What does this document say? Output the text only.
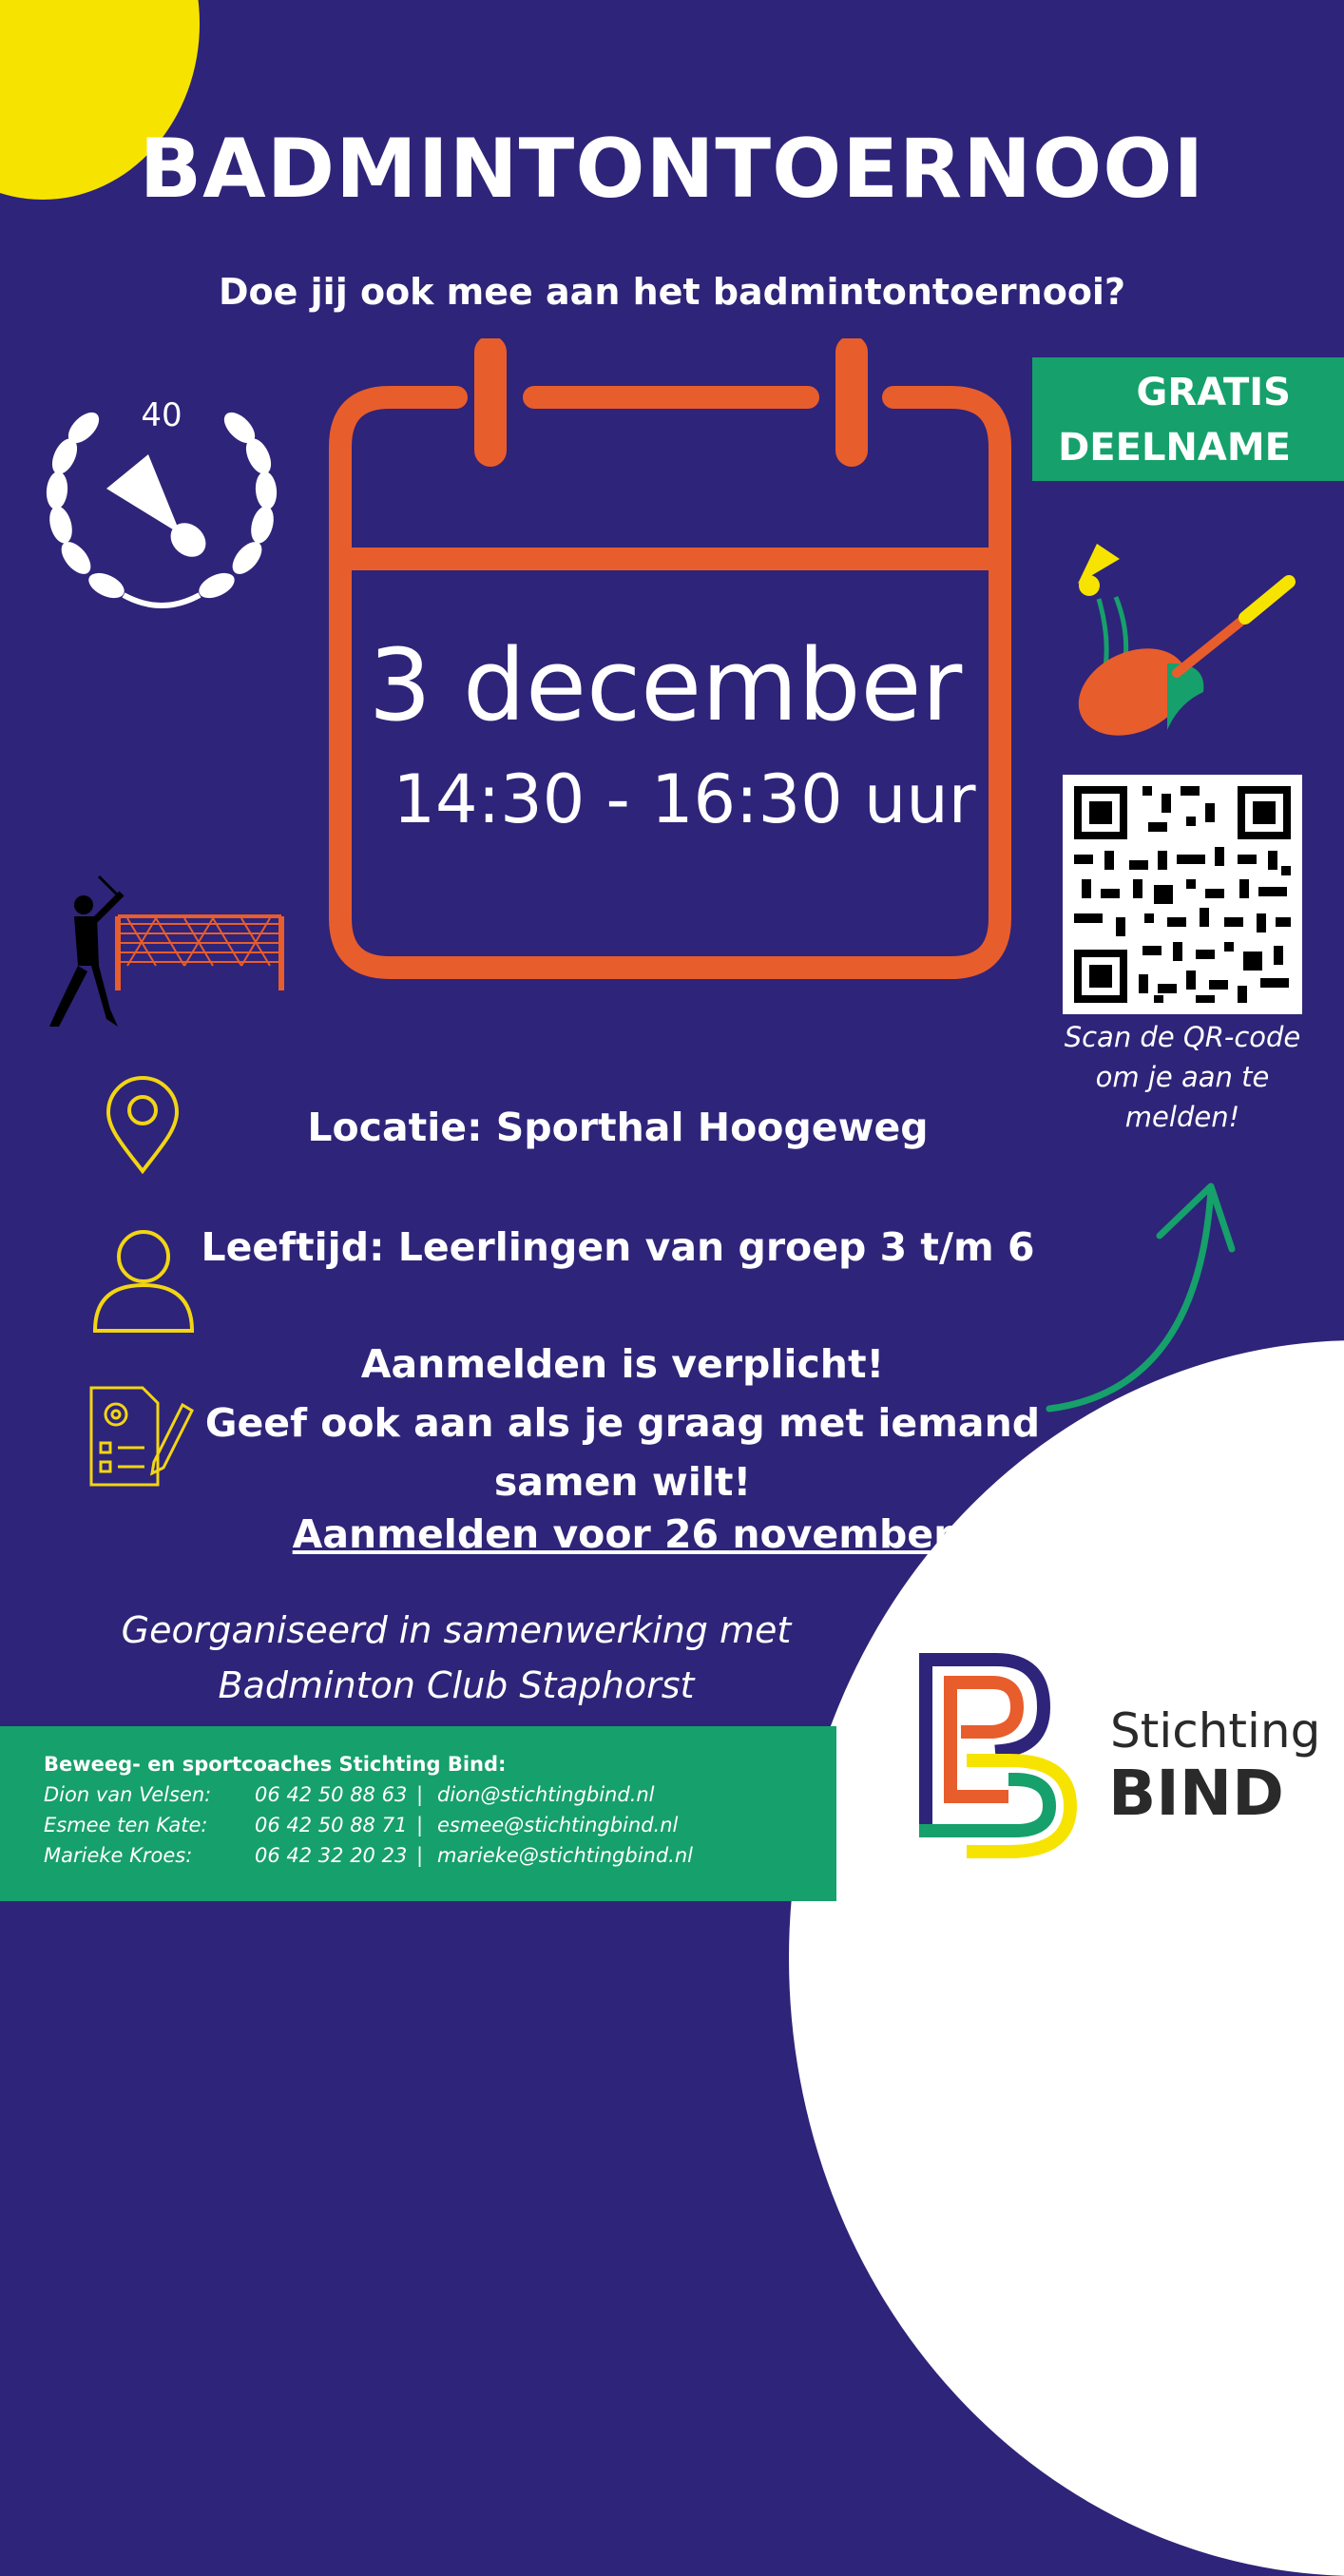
BADMINTONTOERNOOI
Doe jij ook mee aan het badmintontoernooi?
GRATIS
DEELNAME
3 december
14:30 - 16:30 uur
40
Scan de QR-code
om je aan te
melden!
Locatie: Sporthal Hoogeweg
Leeftijd: Leerlingen van groep 3 t/m 6
Aanmelden is verplicht!
Geef ook aan als je graag met iemand
samen wilt!
Aanmelden voor 26 november
Georganiseerd in samenwerking met
Badminton Club Staphorst
Beweeg- en sportcoaches Stichting Bind:
Dion van Velsen:	06 42 50 88 63 | dion@stichtingbind.nl
Esmee ten Kate:	06 42 50 88 71 | esmee@stichtingbind.nl
Marieke Kroes:	06 42 32 20 23 | marieke@stichtingbind.nl
Stichting
BIND
